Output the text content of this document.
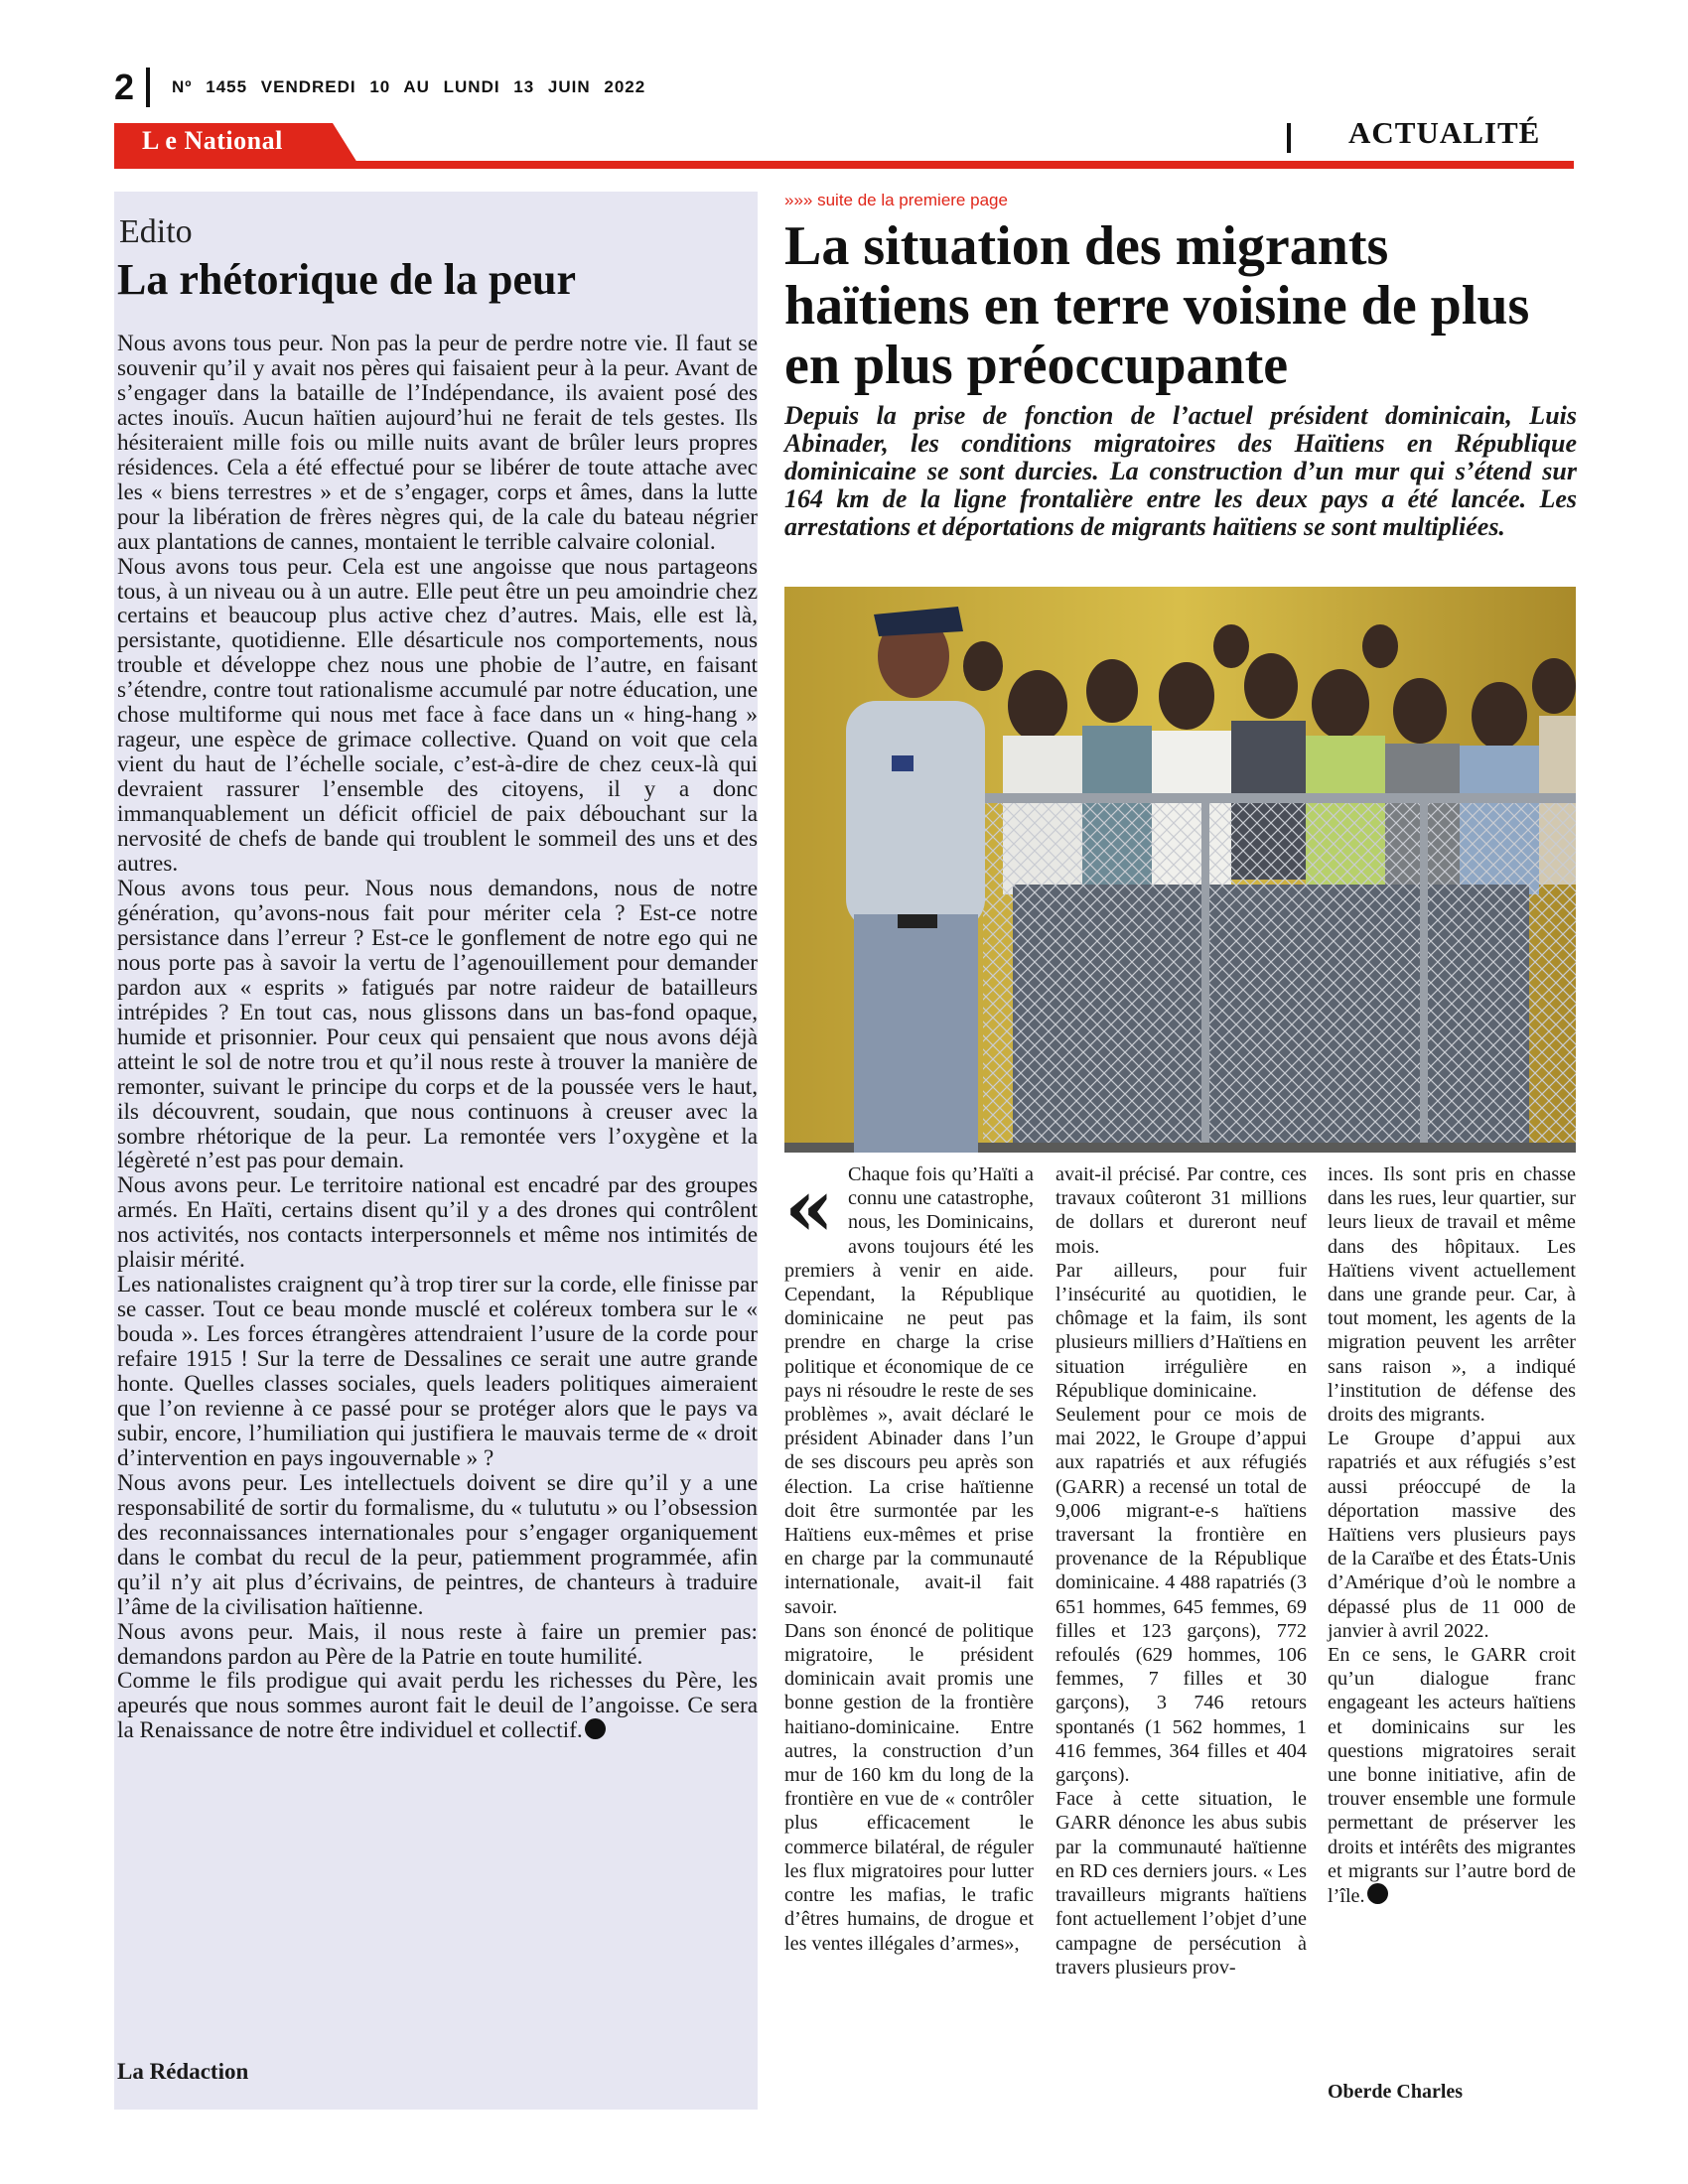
2 Nº 1455 VENDREDI 10 AU LUNDI 13 JUIN 2022
L e National	ACTUALITÉ
Edito
La rhétorique de la peur

Nous avons tous peur. Non pas la peur de perdre notre vie. Il faut se souvenir qu’il y avait nos pères qui faisaient peur à la peur. Avant de s’engager dans la bataille de l’Indépendance, ils avaient posé des actes inouïs. Aucun haïtien aujourd’hui ne ferait de tels gestes. Ils hésiteraient mille fois ou mille nuits avant de brûler leurs propres résidences. Cela a été effectué pour se libérer de toute attache avec les « biens terrestres » et de s’engager, corps et âmes, dans la lutte pour la libération de frères nègres qui, de la cale du bateau négrier aux plantations de cannes, montaient le terrible calvaire colonial.

Nous avons tous peur. Cela est une angoisse que nous partageons tous, à un niveau ou à un autre. Elle peut être un peu amoindrie chez certains et beaucoup plus active chez d’autres. Mais, elle est là, persistante, quotidienne. Elle désarticule nos comportements, nous trouble et développe chez nous une phobie de l’autre, en faisant s’étendre, contre tout rationalisme accumulé par notre éducation, une chose multiforme qui nous met face à face dans un « hing-hang » rageur, une espèce de grimace collective. Quand on voit que cela vient du haut de l’échelle sociale, c’est-à-dire de chez ceux-là qui devraient rassurer l’ensemble des citoyens, il y a donc immanquablement un déficit officiel de paix débouchant sur la nervosité de chefs de bande qui troublent le sommeil des uns et des autres.

Nous avons tous peur. Nous nous demandons, nous de notre génération, qu’avons-nous fait pour mériter cela ? Est-ce notre persistance dans l’erreur ? Est-ce le gonflement de notre ego qui ne nous porte pas à savoir la vertu de l’agenouillement pour demander pardon aux « esprits » fatigués par notre raideur de batailleurs intrépides ? En tout cas, nous glissons dans un bas-fond opaque, humide et prisonnier. Pour ceux qui pensaient que nous avons déjà atteint le sol de notre trou et qu’il nous reste à trouver la manière de remonter, suivant le principe du corps et de la poussée vers le haut, ils découvrent, soudain, que nous continuons à creuser avec la sombre rhétorique de la peur. La remontée vers l’oxygène et la légèreté n’est pas pour demain.

Nous avons peur. Le territoire national est encadré par des groupes armés. En Haïti, certains disent qu’il y a des drones qui contrôlent nos activités, nos contacts interpersonnels et même nos intimités de plaisir mérité.

Les nationalistes craignent qu’à trop tirer sur la corde, elle finisse par se casser. Tout ce beau monde musclé et coléreux tombera sur le « bouda ». Les forces étrangères attendraient l’usure de la corde pour refaire 1915 ! Sur la terre de Dessalines ce serait une autre grande honte. Quelles classes sociales, quels leaders politiques aimeraient que l’on revienne à ce passé pour se protéger alors que le pays va subir, encore, l’humiliation qui justifiera le mauvais terme de « droit d’intervention en pays ingouvernable » ?

Nous avons peur. Les intellectuels doivent se dire qu’il y a une responsabilité de sortir du formalisme, du « tulututu » ou l’obsession des reconnaissances internationales pour s’engager organiquement dans le combat du recul de la peur, patiemment programmée, afin qu’il n’y ait plus d’écrivains, de peintres, de chanteurs à traduire l’âme de la civilisation haïtienne.

Nous avons peur. Mais, il nous reste à faire un premier pas: demandons pardon au Père de la Patrie en toute humilité.

Comme le fils prodigue qui avait perdu les richesses du Père, les apeurés que nous sommes auront fait le deuil de l’angoisse. Ce sera la Renaissance de notre être individuel et collectif.

La Rédaction
»»» suite de la premiere page
La situation des migrants haïtiens en terre voisine de plus en plus préoccupante

Depuis la prise de fonction de l’actuel président dominicain, Luis Abinader, les conditions migratoires des Haïtiens en République dominicaine se sont durcies. La construction d’un mur qui s’étend sur 164 km de la ligne frontalière entre les deux pays a été lancée. Les arrestations et déportations de migrants haïtiens se sont multipliées.

« Chaque fois qu’Haïti a connu une catastrophe, nous, les Dominicains, avons toujours été les premiers à venir en aide. Cependant, la République dominicaine ne peut pas prendre en charge la crise politique et économique de ce pays ni résoudre le reste de ses problèmes », avait déclaré le président Abinader dans l’un de ses discours peu après son élection. La crise haïtienne doit être surmontée par les Haïtiens eux-mêmes et prise en charge par la communauté internationale, avait-il fait savoir.

Dans son énoncé de politique migratoire, le président dominicain avait promis une bonne gestion de la frontière haitiano-dominicaine. Entre autres, la construction d’un mur de 160 km du long de la frontière en vue de « contrôler plus efficacement le commerce bilatéral, de réguler les flux migratoires pour lutter contre les mafias, le trafic d’êtres humains, de drogue et les ventes illégales d’armes»,

avait-il précisé. Par contre, ces travaux coûteront 31 millions de dollars et dureront neuf mois.

Par ailleurs, pour fuir l’insécurité au quotidien, le chômage et la faim, ils sont plusieurs milliers d’Haïtiens en situation irrégulière en République dominicaine.

Seulement pour ce mois de mai 2022, le Groupe d’appui aux rapatriés et aux réfugiés (GARR) a recensé un total de 9,006 migrant-e-s haïtiens traversant la frontière en provenance de la République dominicaine. 4 488 rapatriés (3 651 hommes, 645 femmes, 69 filles et 123 garçons), 772 refoulés (629 hommes, 106 femmes, 7 filles et 30 garçons), 3 746 retours spontanés (1 562 hommes, 1 416 femmes, 364 filles et 404 garçons).

Face à cette situation, le GARR dénonce les abus subis par la communauté haïtienne en RD ces derniers jours. « Les travailleurs migrants haïtiens font actuellement l’objet d’une campagne de persécution à travers plusieurs prov-

inces. Ils sont pris en chasse dans les rues, leur quartier, sur leurs lieux de travail et même dans des hôpitaux. Les Haïtiens vivent actuellement dans une grande peur. Car, à tout moment, les agents de la migration peuvent les arrêter sans raison », a indiqué l’institution de défense des droits des migrants.

Le Groupe d’appui aux rapatriés et aux réfugiés s’est aussi préoccupé de la déportation massive des Haïtiens vers plusieurs pays de la Caraïbe et des États-Unis d’Amérique d’où le nombre a dépassé plus de 11 000 de janvier à avril 2022.

En ce sens, le GARR croit qu’un dialogue franc engageant les acteurs haïtiens et dominicains sur les questions migratoires serait une bonne initiative, afin de trouver ensemble une formule permettant de préserver les droits et intérêts des migrantes et migrants sur l’autre bord de l’île.

Oberde Charles
